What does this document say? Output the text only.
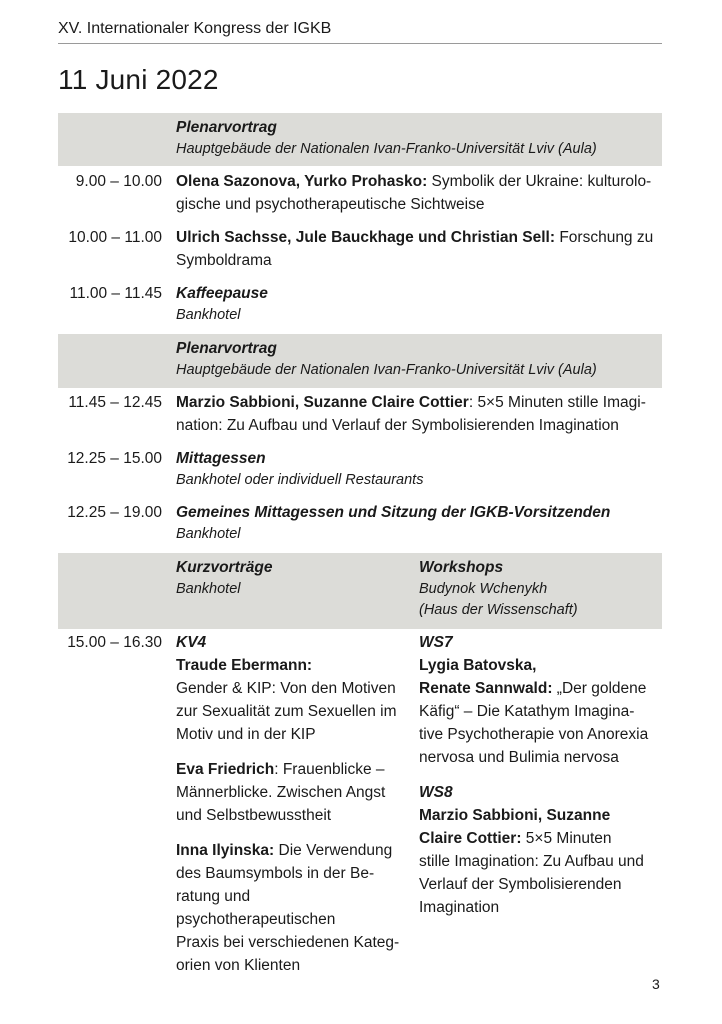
XV. Internationaler Kongress der IGKB
11 Juni 2022
Plenarvortrag
Hauptgebäude der Nationalen Ivan-Franko-Universität Lviv (Aula)
9.00 – 10.00 Olena Sazonova, Yurko Prohasko: Symbolik der Ukraine: kulturolo-
gische und psychotherapeutische Sichtweise
10.00 – 11.00 Ulrich Sachsse, Jule Bauckhage und Christian Sell: Forschung zu
Symboldrama
11.00 – 11.45 Kaffeepause
Bankhotel
Plenarvortrag
Hauptgebäude der Nationalen Ivan-Franko-Universität Lviv (Aula)
11.45 – 12.45 Marzio Sabbioni, Suzanne Claire Cottier: 5×5 Minuten stille Imagi-
nation: Zu Aufbau und Verlauf der Symbolisierenden Imagination
12.25 – 15.00 Mittagessen
Bankhotel oder individuell Restaurants
12.25 – 19.00 Gemeines Mittagessen und Sitzung der IGKB-Vorsitzenden
Bankhotel
Kurzvorträge
Bankhotel
Workshops
Budynok Wchenykh
(Haus der Wissenschaft)
15.00 – 16.30 KV4
Traude Ebermann:
Gender & KIP: Von den Motiven
zur Sexualität zum Sexuellen im
Motiv und in der KIP
Eva Friedrich: Frauenblicke –
Männerblicke. Zwischen Angst
und Selbstbewusstheit
Inna Ilyinska: Die Verwendung
des Baumsymbols in der Be-
ratung und psychotherapeutischen
Praxis bei verschiedenen Kateg-
orien von Klienten
WS7
Lygia Batovska,
Renate Sannwald: „Der goldene
Käfig“ – Die Katathym Imagina-
tive Psychotherapie von Anorexia
nervosa und Bulimia nervosa
WS8
Marzio Sabbioni, Suzanne
Claire Cottier: 5×5 Minuten
stille Imagination: Zu Aufbau und
Verlauf der Symbolisierenden
Imagination
3
